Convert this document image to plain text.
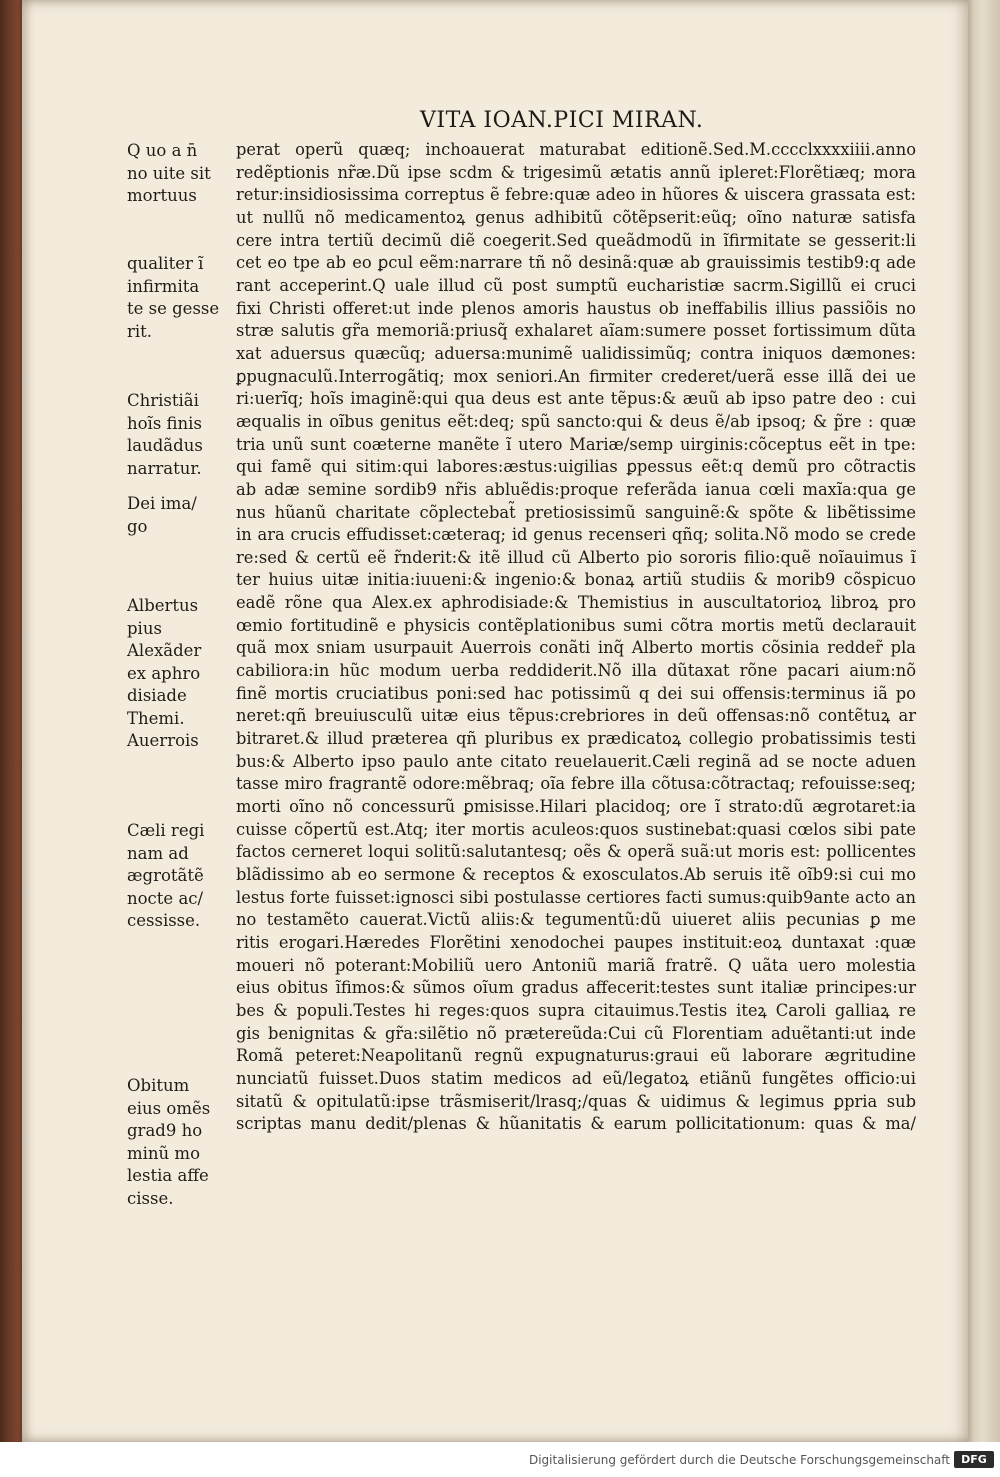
VITA IOAN.PICI MIRAN.
Q uo a n̄
no uite sit
mortuus
qualiter ĩ
infirmita
te se gesse
rit.
Christiãi
hoĩs finis
laudãdus
narratur.
Dei ima/
go
Albertus
pius
Alexãder
ex aphro
disiade
Themi.
Auerrois
Cæli regi
nam ad
ægrotãtẽ
nocte ac/
cessisse.
Obitum
eius omẽs
grad9 ho
minũ mo
lestia affe
cisse.
perat operũ quæq; inchoauerat maturabat editionẽ.Sed.M.cccclxxxxiiii.anno
redẽptionis nr̃æ.Dũ ipse scdm & trigesimũ ætatis annũ ipleret:Florẽtiæq; mora
retur:insidiosissima correptus ẽ febre:quæ adeo in hũores & uiscera grassata est:
ut nullũ nõ medicamentoꝝ genus adhibitũ cõtẽpserit:eũq; oĩno naturæ satisfa
cere intra tertiũ decimũ diẽ coegerit.Sed queãdmodũ in ĩfirmitate se gesserit:li
cet eo tpe ab eo ꝑcul eẽm:narrare tñ nõ desinã:quæ ab grauissimis testib9:q ade
rant acceperint.Q uale illud cũ post sumptũ eucharistiæ sacrm.Sigillũ ei cruci
fixi Christi offeret:ut inde plenos amoris haustus ob ineffabilis illius passiõis no
stræ salutis gr̃a memoriã:priusq̃ exhalaret aĩam:sumere posset fortissimum dũta
xat aduersus quæcũq; aduersa:munimẽ ualidissimũq; contra iniquos dæmones:
ꝑpugnaculũ.Interrogãtiq; mox seniori.An firmiter crederet/uerã esse illã dei ue
ri:uerĩq; hoĩs imaginẽ:qui qua deus est ante tẽpus:& æuũ ab ipso patre deo : cui
æqualis in oĩbus genitus eẽt:deq; spũ sancto:qui & deus ẽ/ab ipsoq; & p̃re : quæ
tria unũ sunt coæterne manẽte ĩ utero Mariæ/semp uirginis:cõceptus eẽt in tpe:
qui famẽ qui sitim:qui labores:æstus:uigilias ꝑpessus eẽt:q demũ pro cõtractis
ab adæ semine sordib9 nr̃is abluẽdis:proque referãda ianua cœli maxĩa:qua ge
nus hũanũ charitate cõplectebat̃ pretiosissimũ sanguinẽ:& spõte & libẽtissime
in ara crucis effudisset:cæteraq; id genus recenseri qñq; solita.Nõ modo se crede
re:sed & certũ eẽ r̃nderit:& itẽ illud cũ Alberto pio sororis filio:quẽ noĩauimus ĩ
ter huius uitæ initia:iuueni:& ingenio:& bonaꝝ artiũ studiis & morib9 cõspicuo
eadẽ rõne qua Alex.ex aphrodisiade:& Themistius in auscultatorioꝝ libroꝝ pro
œmio fortitudinẽ e physicis contẽplationibus sumi cõtra mortis metũ declarauit
quã mox sniam usurpauit Auerrois conãti inq̃ Alberto mortis cõsinia redder̃ pla
cabiliora:in hũc modum uerba reddiderit.Nõ illa dũtaxat rõne pacari aium:nõ
finẽ mortis cruciatibus poni:sed hac potissimũ q dei sui offensis:terminus iã po
neret:qñ breuiusculũ uitæ eius tẽpus:crebriores in deũ offensas:nõ contẽtuꝝ ar
bitraret.& illud præterea qñ pluribus ex prædicatoꝝ collegio probatissimis testi
bus:& Alberto ipso paulo ante citato reuelauerit.Cæli reginã ad se nocte aduen
tasse miro fragrantẽ odore:mẽbraq; oĩa febre illa cõtusa:cõtractaq; refouisse:seq;
morti oĩno nõ concessurũ ꝑmisisse.Hilari placidoq; ore ĩ strato:dũ ægrotaret:ia
cuisse cõpertũ est.Atq; iter mortis aculeos:quos sustinebat:quasi cœlos sibi pate
factos cerneret loqui solitũ:salutantesq; oẽs & operã suã:ut moris est: pollicentes
blãdissimo ab eo sermone & receptos & exosculatos.Ab seruis itẽ oĩb9:si cui mo
lestus forte fuisset:ignosci sibi postulasse certiores facti sumus:quib9ante acto an
no testamẽto cauerat.Victũ aliis:& tegumentũ:dũ uiueret aliis pecunias ꝑ me
ritis erogari.Hæredes Florẽtini xenodochei paupes instituit:eoꝝ duntaxat :quæ
moueri nõ poterant:Mobiliũ uero Antoniũ mariã fratrẽ. Q uãta uero molestia
eius obitus ĩfimos:& sũmos oĩum gradus affecerit:testes sunt italiæ principes:ur
bes & populi.Testes hi reges:quos supra citauimus.Testis iteꝝ Caroli galliaꝝ re
gis benignitas & gr̃a:silẽtio nõ prætereũda:Cui cũ Florentiam aduẽtanti:ut inde
Romã peteret:Neapolitanũ regnũ expugnaturus:graui eũ laborare ægritudine
nunciatũ fuisset.Duos statim medicos ad eũ/legatoꝝ etiãnũ fungẽtes officio:ui
sitatũ & opitulatũ:ipse trãsmiserit/lrasq;/quas & uidimus & legimus ꝑpria sub
scriptas manu dedit/plenas & hũanitatis & earum pollicitationum: quas & ma/
Digitalisierung gefördert durch die Deutsche Forschungsgemeinschaft	DFG
